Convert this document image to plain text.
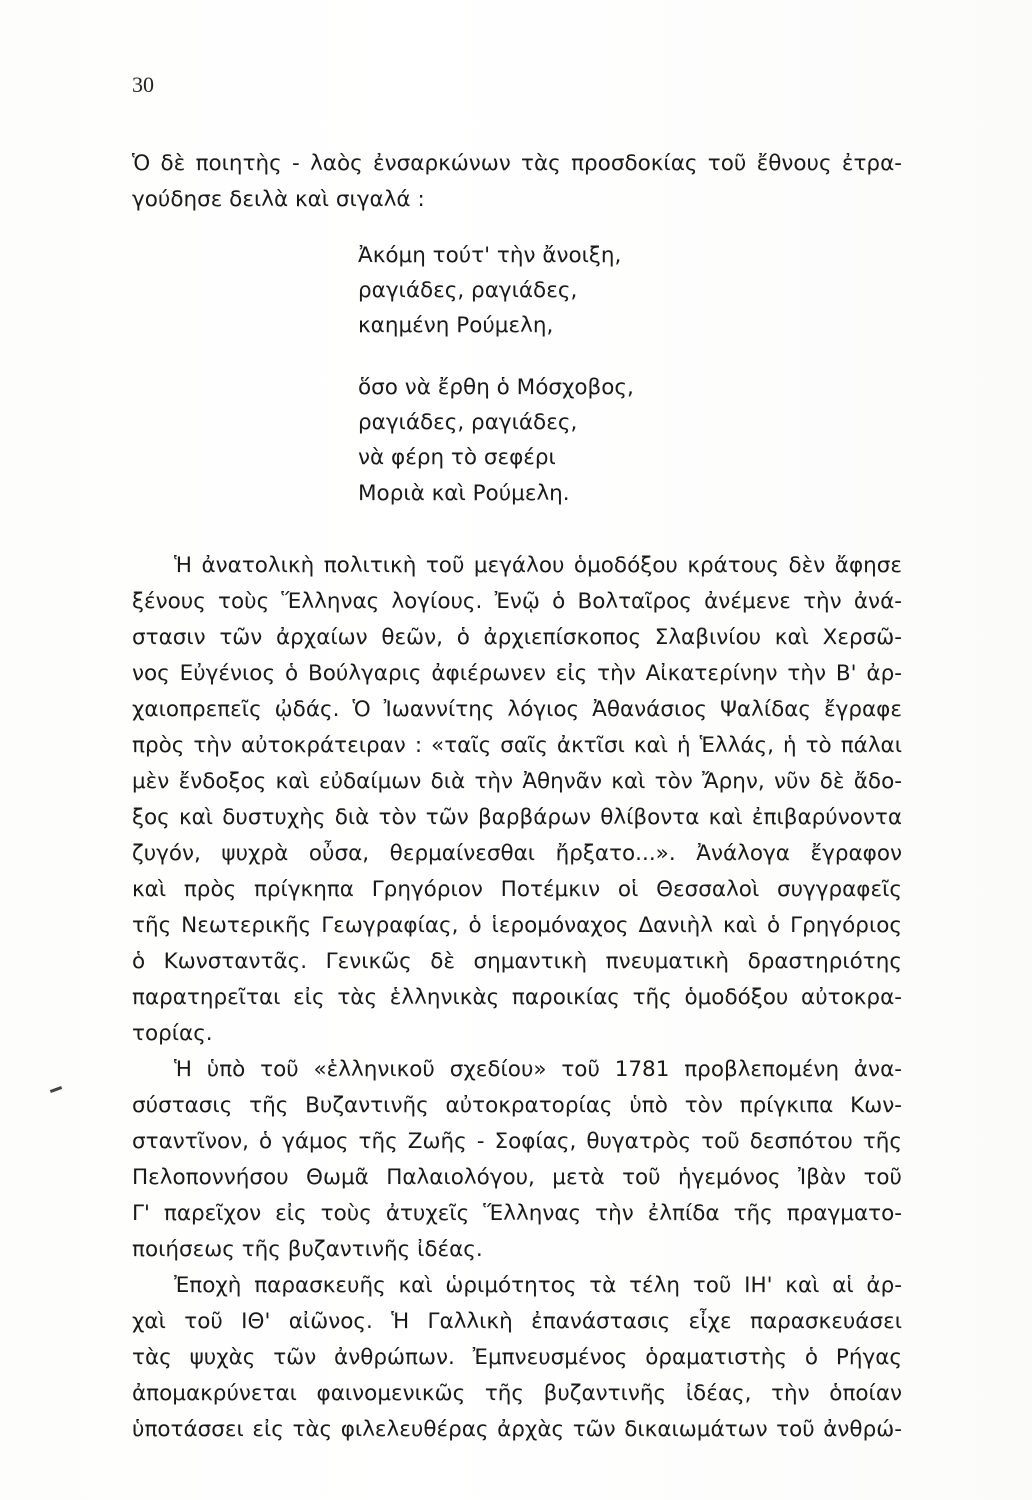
30
Ὁ δὲ ποιητὴς - λαὸς ἐνσαρκώνων τὰς προσδοκίας τοῦ ἔθνους ἐτρα-
γούδησε δειλὰ καὶ σιγαλά :
Ἀκόμη τούτ' τὴν ἄνοιξη,
ραγιάδες, ραγιάδες,
καημένη Ρούμελη,
ὅσο νὰ ἔρθη ὁ Μόσχοβος,
ραγιάδες, ραγιάδες,
νὰ φέρη τὸ σεφέρι
Μοριὰ καὶ Ρούμελη.
Ἡ ἀνατολικὴ πολιτικὴ τοῦ μεγάλου ὁμοδόξου κράτους δὲν ἄφησε
ξένους τοὺς Ἕλληνας λογίους. Ἐνῷ ὁ Βολταῖρος ἀνέμενε τὴν ἀνά-
στασιν τῶν ἀρχαίων θεῶν, ὁ ἀρχιεπίσκοπος Σλαβινίου καὶ Χερσῶ-
νος Εὐγένιος ὁ Βούλγαρις ἀφιέρωνεν εἰς τὴν Αἰκατερίνην τὴν Β' ἀρ-
χαιοπρεπεῖς ᾠδάς. Ὁ Ἰωαννίτης λόγιος Ἀθανάσιος Ψαλίδας ἔγραφε
πρὸς τὴν αὐτοκράτειραν : «ταῖς σαῖς ἀκτῖσι καὶ ἡ Ἑλλάς, ἡ τὸ πάλαι
μὲν ἔνδοξος καὶ εὐδαίμων διὰ τὴν Ἀθηνᾶν καὶ τὸν Ἄρην, νῦν δὲ ἄδο-
ξος καὶ δυστυχὴς διὰ τὸν τῶν βαρβάρων θλίβοντα καὶ ἐπιβαρύνοντα
ζυγόν, ψυχρὰ οὖσα, θερμαίνεσθαι ἤρξατο...». Ἀνάλογα ἔγραφον
καὶ πρὸς πρίγκηπα Γρηγόριον Ποτέμκιν οἱ Θεσσαλοὶ συγγραφεῖς
τῆς Νεωτερικῆς Γεωγραφίας, ὁ ἱερομόναχος Δανιὴλ καὶ ὁ Γρηγόριος
ὁ Κωνσταντᾶς. Γενικῶς δὲ σημαντικὴ πνευματικὴ δραστηριότης
παρατηρεῖται εἰς τὰς ἑλληνικὰς παροικίας τῆς ὁμοδόξου αὐτοκρα-
τορίας.
Ἡ ὑπὸ τοῦ «ἑλληνικοῦ σχεδίου» τοῦ 1781 προβλεπομένη ἀνα-
σύστασις τῆς Βυζαντινῆς αὐτοκρατορίας ὑπὸ τὸν πρίγκιπα Κων-
σταντῖνον, ὁ γάμος τῆς Ζωῆς - Σοφίας, θυγατρὸς τοῦ δεσπότου τῆς
Πελοποννήσου Θωμᾶ Παλαιολόγου, μετὰ τοῦ ἡγεμόνος Ἰβὰν τοῦ
Γ' παρεῖχον εἰς τοὺς ἀτυχεῖς Ἕλληνας τὴν ἐλπίδα τῆς πραγματο-
ποιήσεως τῆς βυζαντινῆς ἰδέας.
Ἐποχὴ παρασκευῆς καὶ ὡριμότητος τὰ τέλη τοῦ ΙΗ' καὶ αἱ ἀρ-
χαὶ τοῦ ΙΘ' αἰῶνος. Ἡ Γαλλικὴ ἐπανάστασις εἶχε παρασκευάσει
τὰς ψυχὰς τῶν ἀνθρώπων. Ἐμπνευσμένος ὁραματιστὴς ὁ Ρήγας
ἀπομακρύνεται φαινομενικῶς τῆς βυζαντινῆς ἰδέας, τὴν ὁποίαν
ὑποτάσσει εἰς τὰς φιλελευθέρας ἀρχὰς τῶν δικαιωμάτων τοῦ ἀνθρώ-
